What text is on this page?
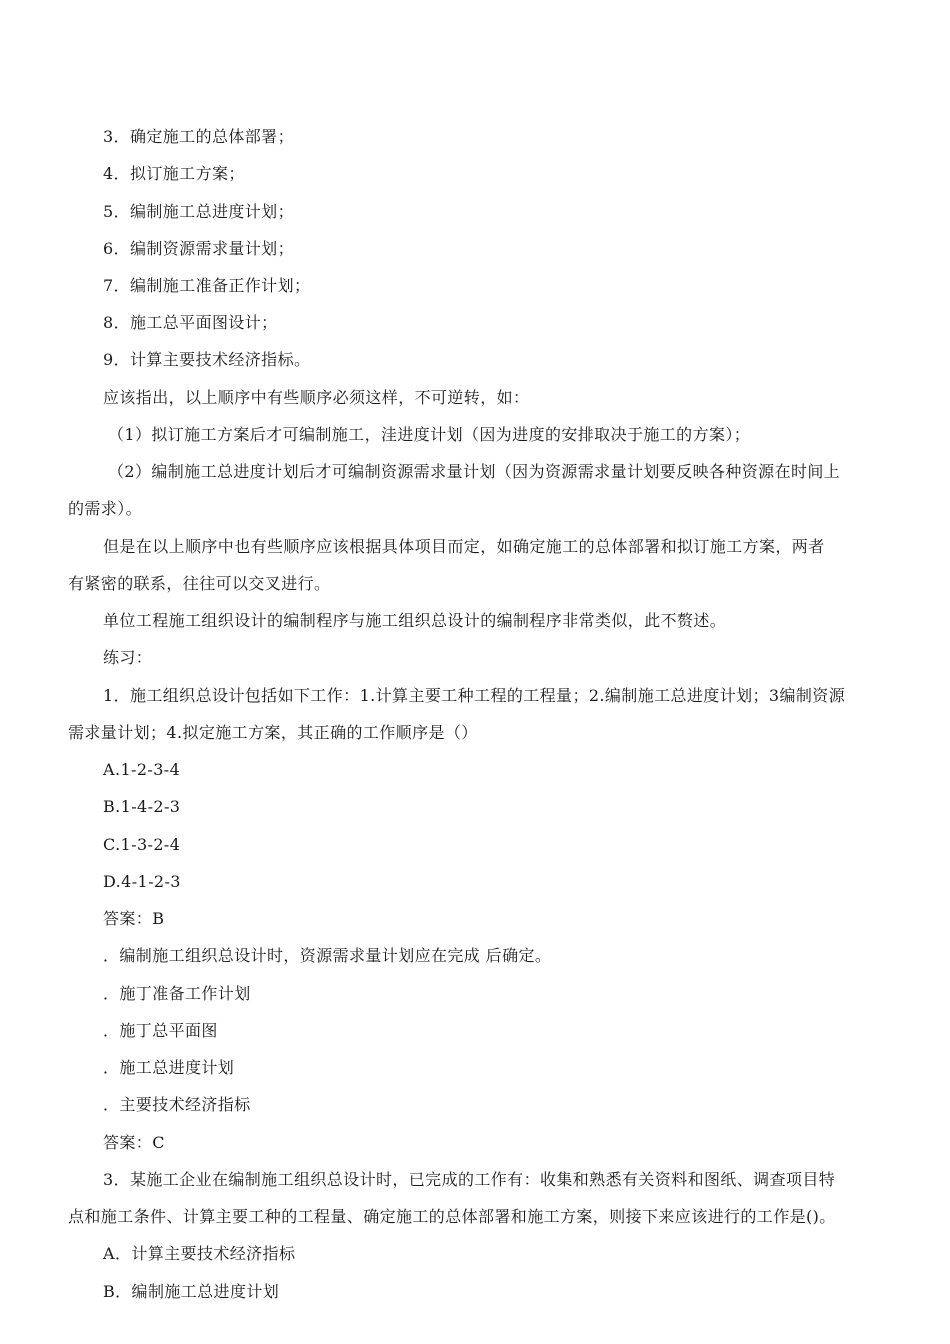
3．确定施工的总体部署；
4．拟订施工方案；
5．编制施工总进度计划；
6．编制资源需求量计划；
7．编制施工准备正作计划；
8．施工总平面图设计；
9．计算主要技术经济指标。
应该指出，以上顺序中有些顺序必须这样，不可逆转，如：
（1）拟订施工方案后才可编制施工，洼进度计划（因为进度的安排取决于施工的方案）；
（2）编制施工总进度计划后才可编制资源需求量计划（因为资源需求量计划要反映各种资源在时间上
的需求）。
但是在以上顺序中也有些顺序应该根据具体项目而定，如确定施工的总体部署和拟订施工方案，两者
有紧密的联系，往往可以交叉进行。
单位工程施工组织设计的编制程序与施工组织总设计的编制程序非常类似，此不赘述。
练习：
1．施工组织总设计包括如下工作：1.计算主要工种工程的工程量；2.编制施工总进度计划；3编制资源
需求量计划；4.拟定施工方案，其正确的工作顺序是（）
A.1-2-3-4
B.1-4-2-3
C.1-3-2-4
D.4-1-2-3
答案：B
．编制施工组织总设计时，资源需求量计划应在完成 后确定。
．施丁准备工作计划
．施丁总平面图
．施工总进度计划
．主要技术经济指标
答案：C
3．某施工企业在编制施工组织总设计时，已完成的工作有：收集和熟悉有关资料和图纸、调查项目特
点和施工条件、计算主要工种的工程量、确定施工的总体部署和施工方案，则接下来应该进行的工作是()。
A．计算主要技术经济指标
B．编制施工总进度计划
